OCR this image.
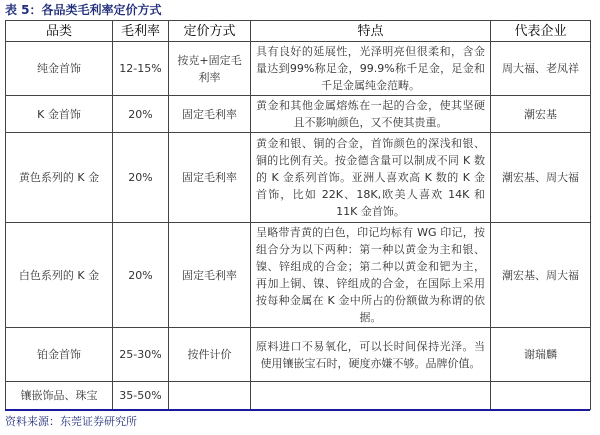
表 5：各品类毛利率定价方式
品类	毛利率	定价方式	特点	代表企业
纯金首饰	12-15%	按克+固定毛利率	具有良好的延展性，光泽明亮但很柔和，含金量达到99%称足金，99.9%称千足金，足金和千足金属纯金范畴。	周大福、老凤祥
K 金首饰	20%	固定毛利率	黄金和其他金属熔炼在一起的合金，使其坚硬且不影响颜色，又不使其贵重。	潮宏基
黄色系列的 K 金	20%	固定毛利率	黄金和银、铜的合金，首饰颜色的深浅和银、铜的比例有关。按金德含量可以制成不同 K 数的 K 金系列首饰。亚洲人喜欢高 K 数的 K 金首饰，比如 22K、18K,欧美人喜欢 14K 和 11K 金首饰。	潮宏基、周大福
白色系列的 K 金	20%	固定毛利率	呈略带青黄的白色，印记均标有 WG 印记，按组合分为以下两种：第一种以黄金为主和银、镍、锌组成的合金；第二种以黄金和钯为主，再加上铜、镍、锌组成的合金，在国际上采用按每种金属在 K 金中所占的份额做为称谓的依据。	潮宏基、周大福
铂金首饰	25-30%	按件计价	原料进口不易氧化，可以长时间保持光泽。当使用镶嵌宝石时，硬度亦嫌不够。品牌价值。	谢瑞麟
镶嵌饰品、珠宝	35-50%			
资料来源：东莞证券研究所
